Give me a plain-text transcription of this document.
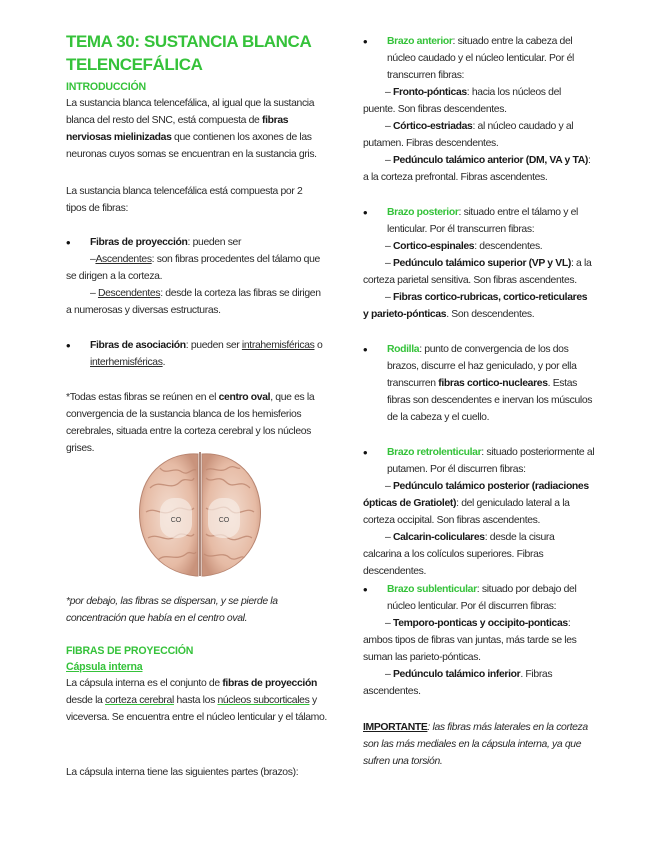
TEMA 30: SUSTANCIA BLANCA TELENCEFÁLICA

INTRODUCCIÓN

La sustancia blanca telencefálica, al igual que la sustancia blanca del resto del SNC, está compuesta de fibras nerviosas mielinizadas que contienen los axones de las neuronas cuyos somas se encuentran en la sustancia gris.

La sustancia blanca telencefálica está compuesta por 2 tipos de fibras:

• Fibras de proyección: pueden ser

–Ascendentes: son fibras procedentes del tálamo que se dirigen a la corteza.

– Descendentes: desde la corteza las fibras se dirigen a numerosas y diversas estructuras.

• Fibras de asociación: pueden ser intrahemisféricas o interhemisféricas.

*Todas estas fibras se reúnen en el centro oval, que es la convergencia de la sustancia blanca de los hemisferios cerebrales, situada entre la corteza cerebral y los núcleos grises.

CO	CO

*por debajo, las fibras se dispersan, y se pierde la concentración que había en el centro oval.

FIBRAS DE PROYECCIÓN

Cápsula interna

La cápsula interna es el conjunto de fibras de proyección desde la corteza cerebral hasta los núcleos subcorticales y viceversa. Se encuentra entre el núcleo lenticular y el tálamo.

La cápsula interna tiene las siguientes partes (brazos):

• Brazo anterior: situado entre la cabeza del núcleo caudado y el núcleo lenticular. Por él transcurren fibras:

– Fronto-pónticas: hacia los núcleos del puente. Son fibras descendentes.

– Córtico-estriadas: al núcleo caudado y al putamen. Fibras descendentes.

– Pedúnculo talámico anterior (DM, VA y TA): a la corteza prefrontal. Fibras ascendentes.

• Brazo posterior: situado entre el tálamo y el lenticular. Por él transcurren fibras:

– Cortico-espinales: descendentes.

– Pedúnculo talámico superior (VP y VL): a la corteza parietal sensitiva. Son fibras ascendentes.

– Fibras cortico-rubricas, cortico-reticulares y parieto-pónticas. Son descendentes.

• Rodilla: punto de convergencia de los dos brazos, discurre el haz geniculado, y por ella transcurren fibras cortico-nucleares. Estas fibras son descendentes e inervan los músculos de la cabeza y el cuello.

• Brazo retrolenticular: situado posteriormente al putamen. Por él discurren fibras:

– Pedúnculo talámico posterior (radiaciones ópticas de Gratiolet): del geniculado lateral a la corteza occipital. Son fibras ascendentes.

– Calcarin-coliculares: desde la cisura calcarina a los colículos superiores. Fibras descendentes.

• Brazo sublenticular: situado por debajo del núcleo lenticular. Por él discurren fibras:

– Temporo-ponticas y occipito-ponticas: ambos tipos de fibras van juntas, más tarde se les suman las parieto-pónticas.

– Pedúnculo talámico inferior. Fibras ascendentes.

IMPORTANTE: las fibras más laterales en la corteza son las más mediales en la cápsula interna, ya que sufren una torsión.
